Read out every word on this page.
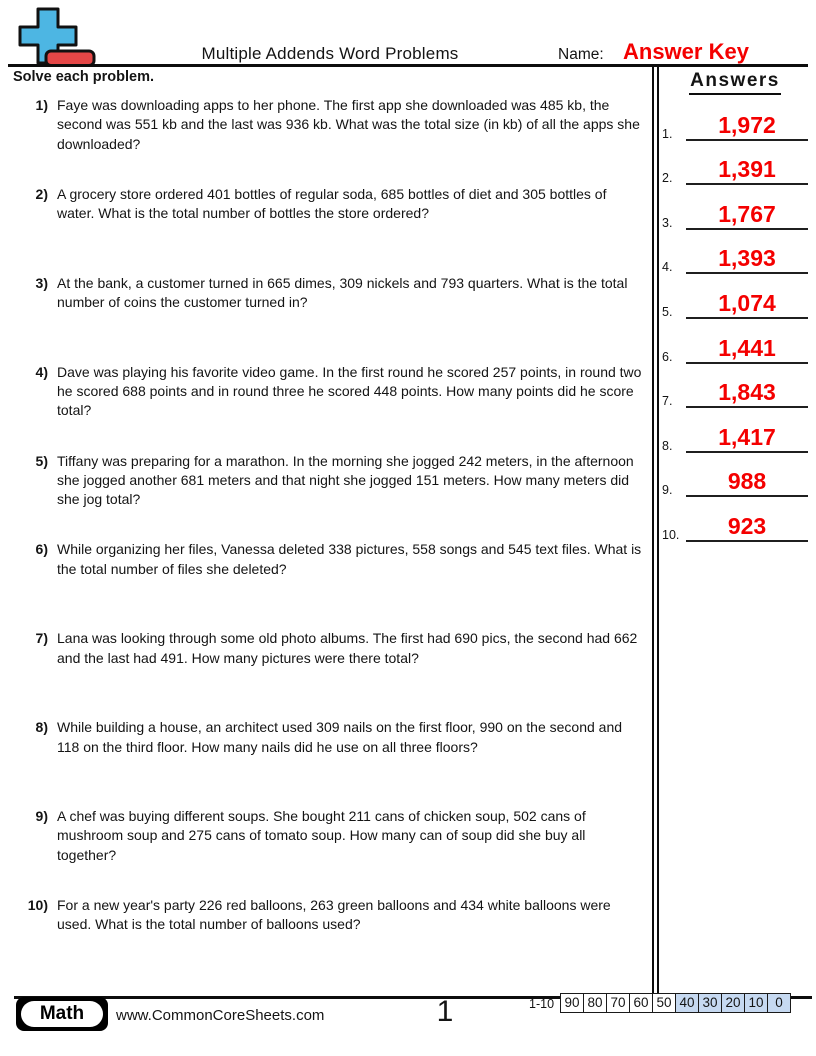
Multiple Addends Word Problems	Name: Answer Key
Solve each problem.
1) Faye was downloading apps to her phone. The first app she downloaded was 485 kb, the second was 551 kb and the last was 936 kb. What was the total size (in kb) of all the apps she downloaded?
2) A grocery store ordered 401 bottles of regular soda, 685 bottles of diet and 305 bottles of water. What is the total number of bottles the store ordered?
3) At the bank, a customer turned in 665 dimes, 309 nickels and 793 quarters. What is the total number of coins the customer turned in?
4) Dave was playing his favorite video game. In the first round he scored 257 points, in round two he scored 688 points and in round three he scored 448 points. How many points did he score total?
5) Tiffany was preparing for a marathon. In the morning she jogged 242 meters, in the afternoon she jogged another 681 meters and that night she jogged 151 meters. How many meters did she jog total?
6) While organizing her files, Vanessa deleted 338 pictures, 558 songs and 545 text files. What is the total number of files she deleted?
7) Lana was looking through some old photo albums. The first had 690 pics, the second had 662 and the last had 491. How many pictures were there total?
8) While building a house, an architect used 309 nails on the first floor, 990 on the second and 118 on the third floor. How many nails did he use on all three floors?
9) A chef was buying different soups. She bought 211 cans of chicken soup, 502 cans of mushroom soup and 275 cans of tomato soup. How many can of soup did she buy all together?
10) For a new year's party 226 red balloons, 263 green balloons and 434 white balloons were used. What is the total number of balloons used?
Answers
1.	1,972
2.	1,391
3.	1,767
4.	1,393
5.	1,074
6.	1,441
7.	1,843
8.	1,417
9.	988
10.	923
Math	www.CommonCoreSheets.com	1	1-10 90	80	70	60	50	40	30	20	10	0
